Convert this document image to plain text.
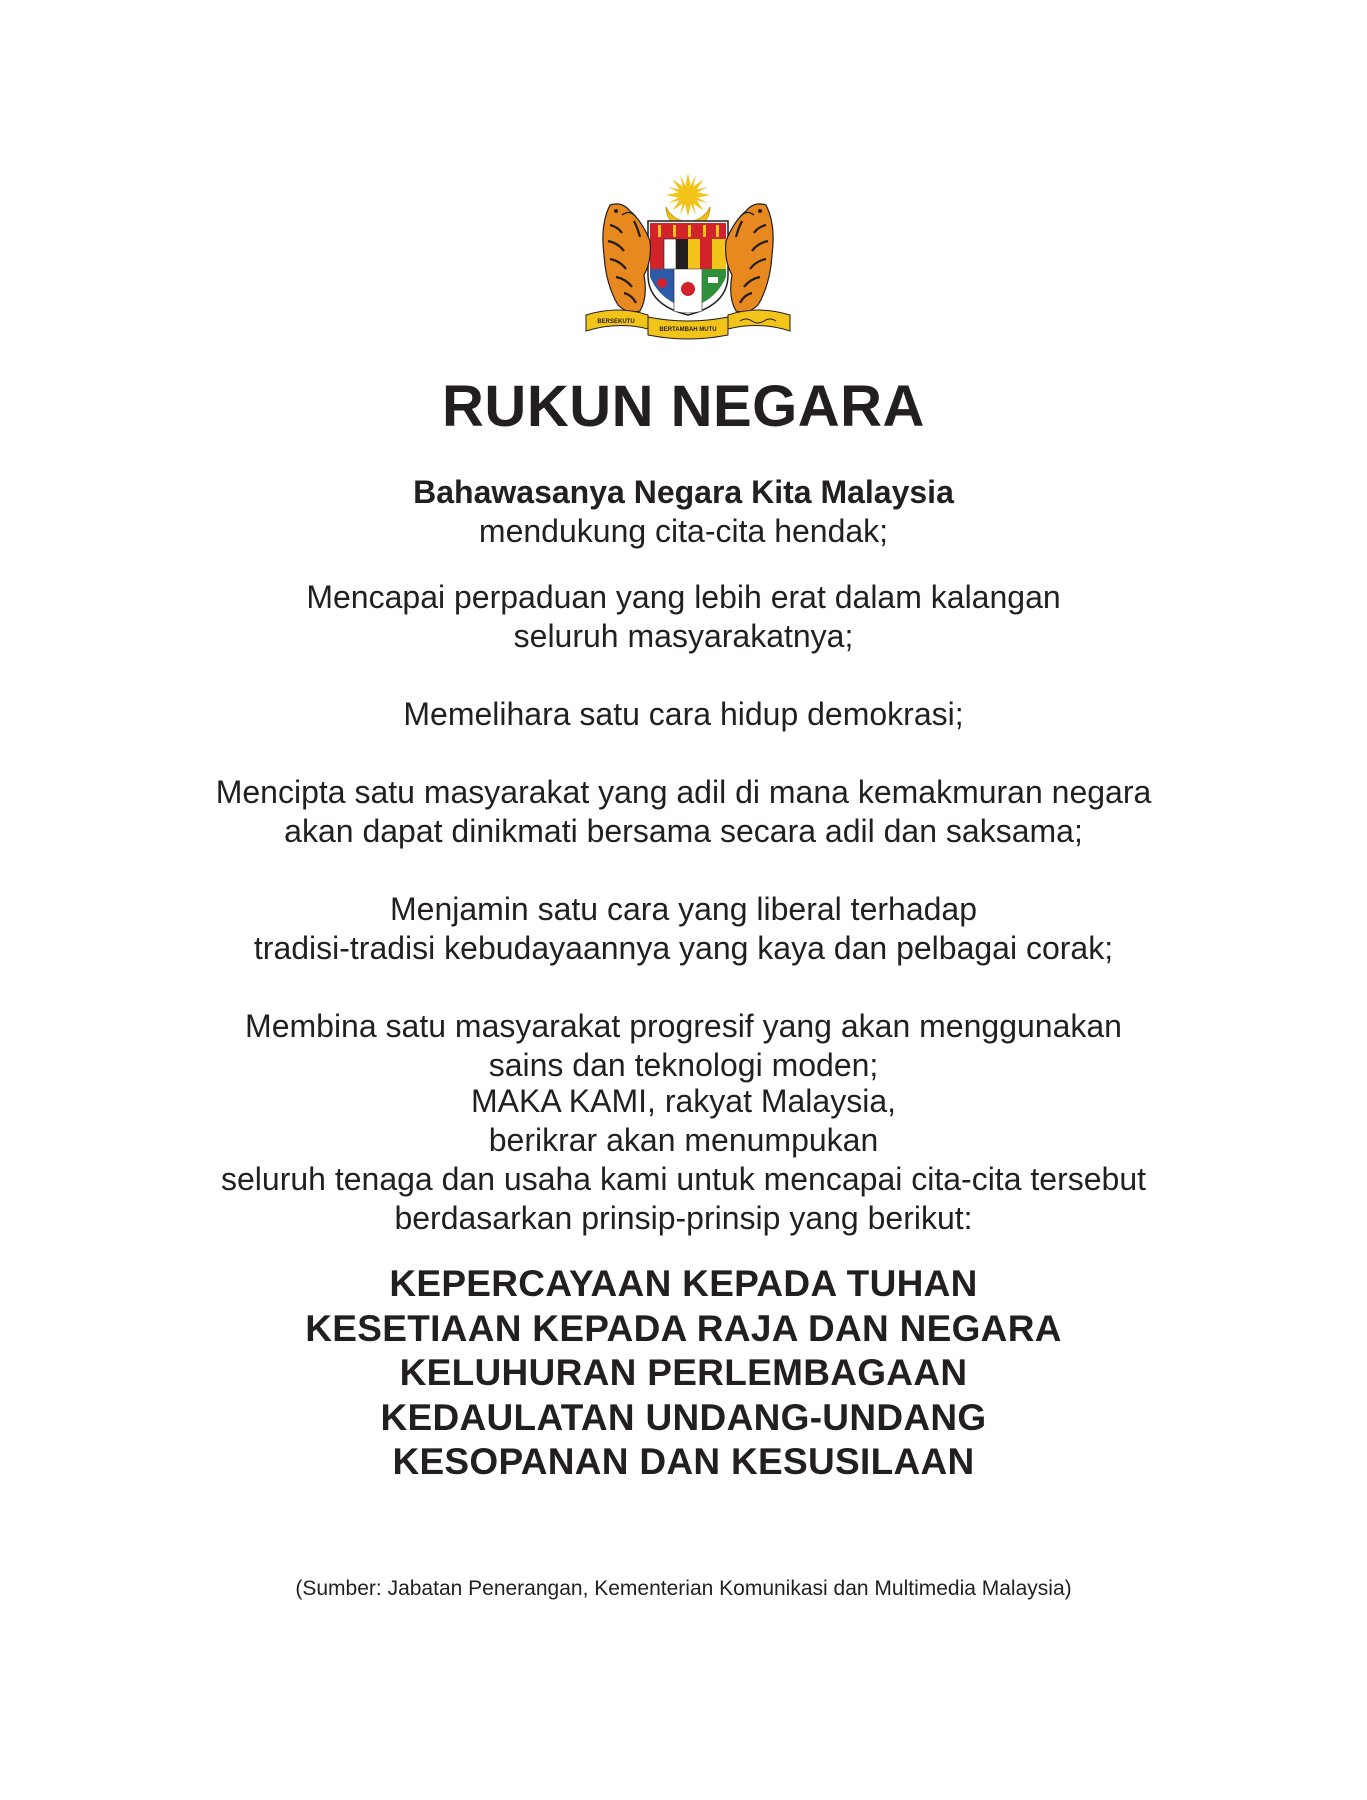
BERSEKUTU
BERTAMBAH MUTU
RUKUN NEGARA
Bahawasanya Negara Kita Malaysia
mendukung cita-cita hendak;
Mencapai perpaduan yang lebih erat dalam kalangan
seluruh masyarakatnya;
Memelihara satu cara hidup demokrasi;
Mencipta satu masyarakat yang adil di mana kemakmuran negara
akan dapat dinikmati bersama secara adil dan saksama;
Menjamin satu cara yang liberal terhadap
tradisi-tradisi kebudayaannya yang kaya dan pelbagai corak;
Membina satu masyarakat progresif yang akan menggunakan
sains dan teknologi moden;
MAKA KAMI, rakyat Malaysia,
berikrar akan menumpukan
seluruh tenaga dan usaha kami untuk mencapai cita-cita tersebut
berdasarkan prinsip-prinsip yang berikut:
KEPERCAYAAN KEPADA TUHAN
KESETIAAN KEPADA RAJA DAN NEGARA
KELUHURAN PERLEMBAGAAN
KEDAULATAN UNDANG-UNDANG
KESOPANAN DAN KESUSILAAN
(Sumber: Jabatan Penerangan, Kementerian Komunikasi dan Multimedia Malaysia)
